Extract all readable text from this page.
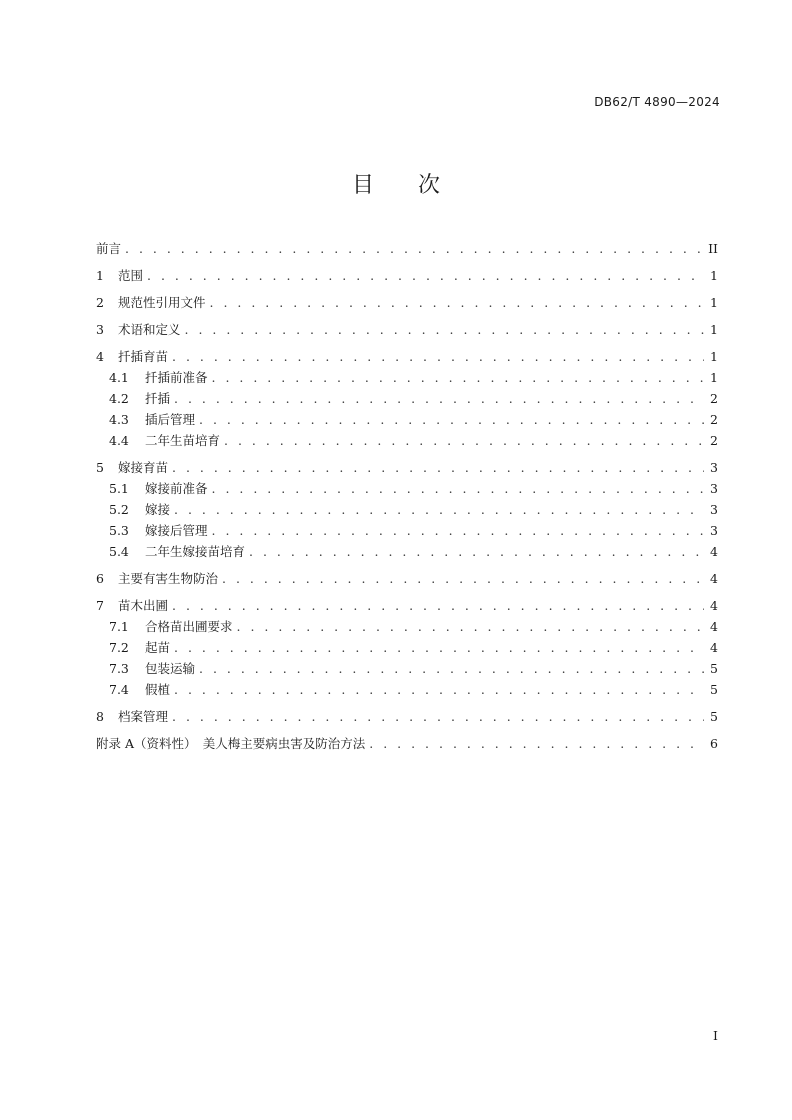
DB62/T 4890—2024
目　　次
前言 . . .	II
1	范围 . . .	1
2	规范性引用文件 . . .	1
3	术语和定义 . . .	1
4	扦插育苗 . . .	1
4.1	扦插前准备 . . .	1
4.2	扦插 . . .	2
4.3	插后管理 . . .	2
4.4	二年生苗培育 . . .	2
5	嫁接育苗 . . .	3
5.1	嫁接前准备 . . .	3
5.2	嫁接 . . .	3
5.3	嫁接后管理 . . .	3
5.4	二年生嫁接苗培育 . . .	4
6	主要有害生物防治 . . .	4
7	苗木出圃 . . .	4
7.1	合格苗出圃要求 . . .	4
7.2	起苗 . . .	4
7.3	包装运输 . . .	5
7.4	假植 . . .	5
8	档案管理 . . .	5
附录 A（资料性）　美人梅主要病虫害及防治方法 . . .	6
I
